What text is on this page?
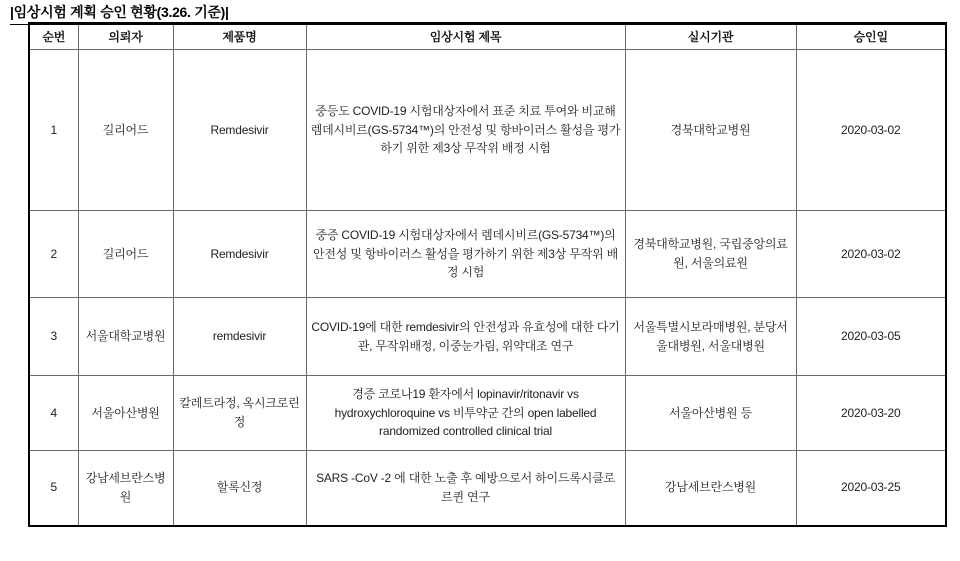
|임상시험 계획 승인 현황(3.26. 기준)|
순번	의뢰자	제품명	임상시험 제목	실시기관	승인일
1	길리어드	Remdesivir	중등도 COVID-19 시험대상자에서 표준 치료 투여와 비교해 렘데시비르(GS-5734™)의 안전성 및 항바이러스 활성을 평가하기 위한 제3상 무작위 배정 시험	경북대학교병원	2020-03-02
2	길리어드	Remdesivir	중증 COVID-19 시험대상자에서 렘데시비르(GS-5734™)의 안전성 및 항바이러스 활성을 평가하기 위한 제3상 무작위 배정 시험	경북대학교병원, 국립중앙의료원, 서울의료원	2020-03-02
3	서울대학교병원	remdesivir	COVID-19에 대한 remdesivir의 안전성과 유효성에 대한 다기관, 무작위배정, 이중눈가림, 위약대조 연구	서울특별시보라매병원, 분당서울대병원, 서울대병원	2020-03-05
4	서울아산병원	칼레트라정, 옥시크로린정	경증 코로나19 환자에서 lopinavir/ritonavir vs hydroxychloroquine vs 비투약군 간의 open labelled randomized controlled clinical trial	서울아산병원 등	2020-03-20
5	강남세브란스병원	할록신정	SARS -CoV -2 에 대한 노출 후 예방으로서 하이드록시클로르퀸 연구	강남세브란스병원	2020-03-25
